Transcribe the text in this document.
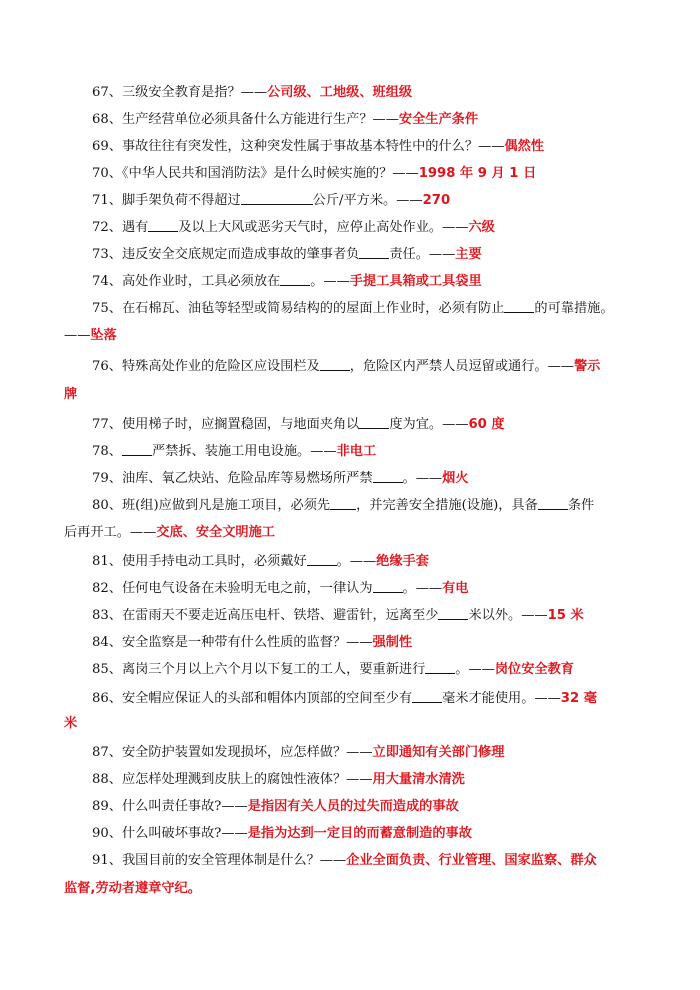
67、三级安全教育是指？——公司级、工地级、班组级
68、生产经营单位必须具备什么方能进行生产？——安全生产条件
69、事故往往有突发性，这种突发性属于事故基本特性中的什么？——偶然性
70、《中华人民共和国消防法》是什么时候实施的？——1998 年 9 月 1 日
71、脚手架负荷不得超过	公斤/平方米。——270
72、遇有 及以上大风或恶劣天气时，应停止高处作业。——六级
73、违反安全交底规定而造成事故的肇事者负 责任。——主要
74、高处作业时，工具必须放在 。——手提工具箱或工具袋里
75、在石棉瓦、油毡等轻型或简易结构的的屋面上作业时，必须有防止 的可靠措施。
——坠落
76、特殊高处作业的危险区应设围栏及 ，危险区内严禁人员逗留或通行。——警示
牌
77、使用梯子时，应搁置稳固，与地面夹角以 度为宜。——60 度
78、 严禁拆、装施工用电设施。——非电工
79、油库、氧乙炔站、危险品库等易燃场所严禁 。——烟火
80、班(组)应做到凡是施工项目，必须先 ，并完善安全措施(设施)，具备 条件
后再开工。——交底、安全文明施工
81、使用手持电动工具时，必须戴好 。——绝缘手套
82、任何电气设备在未验明无电之前，一律认为 。——有电
83、在雷雨天不要走近高压电杆、铁塔、避雷针，远离至少 米以外。——15 米
84、安全监察是一种带有什么性质的监督？——强制性
85、离岗三个月以上六个月以下复工的工人，要重新进行 。——岗位安全教育
86、安全帽应保证人的头部和帽体内顶部的空间至少有 毫米才能使用。——32 毫
米
87、安全防护装置如发现损坏，应怎样做？——立即通知有关部门修理
88、应怎样处理溅到皮肤上的腐蚀性液体？——用大量清水清洗
89、什么叫责任事故?——是指因有关人员的过失而造成的事故
90、什么叫破坏事故?——是指为达到一定目的而蓄意制造的事故
91、我国目前的安全管理体制是什么？——企业全面负责、行业管理、国家监察、群众
监督,劳动者遵章守纪。
